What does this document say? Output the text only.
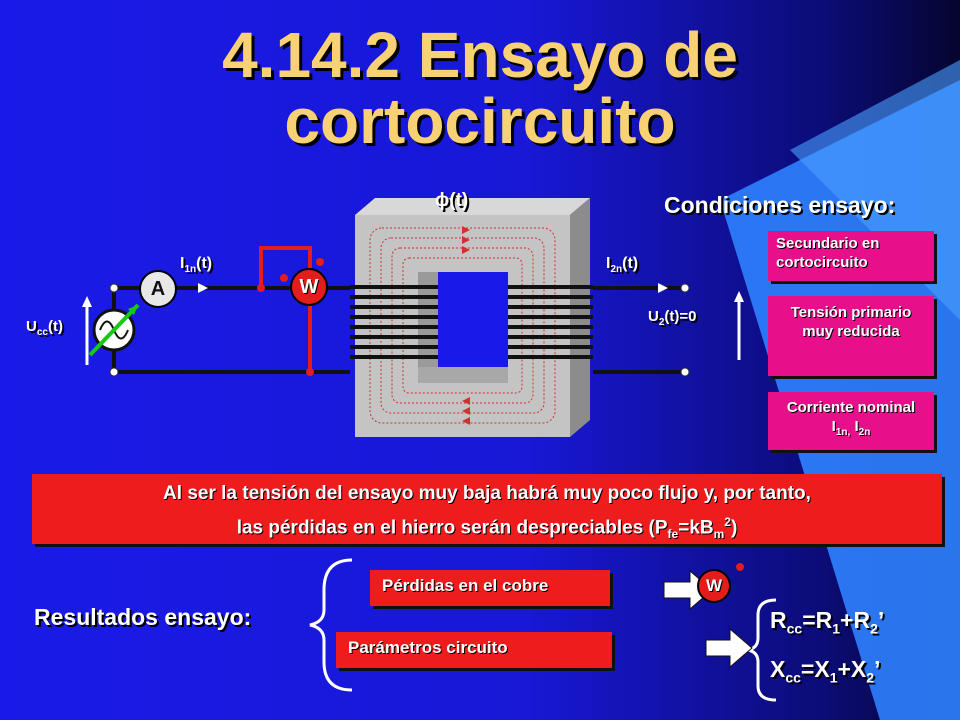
4.14.2 Ensayo de
cortocircuito
A	W
ϕ(t)
$I_{1n}(t)$	$I_{2n}(t)$
$U_{cc}(t)$
$U_2(t)=0$
Condiciones ensayo:
Secundario en cortocircuito
Tensión primario muy reducida
Corriente nominal $I_{1n,}$ $I_{2n}$
Al ser la tensión del ensayo muy baja habrá muy poco flujo y, por tanto,
las pérdidas en el hierro serán despreciables $(P_{fe}=kB_m^2)$
Resultados ensayo:
Pérdidas en el cobre
Parámetros circuito
W
$R_{cc}=R_1+R_2$’
$X_{cc}=X_1+X_2$’
